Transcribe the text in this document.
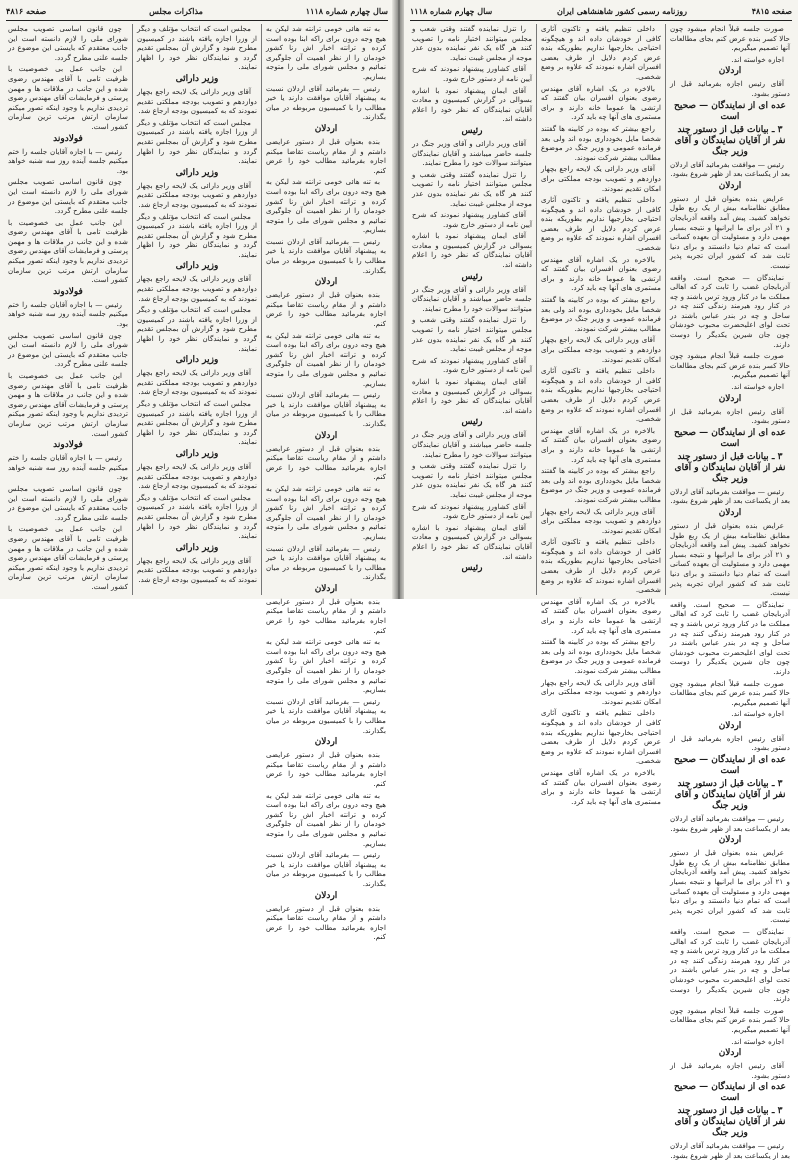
سال چهارم شماره ۱۱۱۸
مذاکرات مجلس
صفحه ۴۸۱۶

به تنه هائی خومی ترانته شد لیکن به هیچ وجه درون برای راکه ابنا بوده است کرده و ترانته اخبار اش رنا کشور خودمان را از نظر اهمیت آن جلوگیری نمائیم و مجلس شورای ملی را متوجه بسازیم.

رئیس — بفرمائید آقای اردلان نسبت به پیشنهاد آقایان موافقت دارند یا خیر مطالب را با کمیسیون مربوطه در میان بگذارند.

اردلان

بنده بعنوان قبل از دستور عرایضی داشتم و از مقام ریاست تقاضا میکنم اجازه بفرمائید مطالب خود را عرض کنم.

به تنه هائی خومی ترانته شد لیکن به هیچ وجه درون برای راکه ابنا بوده است کرده و ترانته اخبار اش رنا کشور خودمان را از نظر اهمیت آن جلوگیری نمائیم و مجلس شورای ملی را متوجه بسازیم.

رئیس — بفرمائید آقای اردلان نسبت به پیشنهاد آقایان موافقت دارند یا خیر مطالب را با کمیسیون مربوطه در میان بگذارند.

اردلان

بنده بعنوان قبل از دستور عرایضی داشتم و از مقام ریاست تقاضا میکنم اجازه بفرمائید مطالب خود را عرض کنم.

به تنه هائی خومی ترانته شد لیکن به هیچ وجه درون برای راکه ابنا بوده است کرده و ترانته اخبار اش رنا کشور خودمان را از نظر اهمیت آن جلوگیری نمائیم و مجلس شورای ملی را متوجه بسازیم.

رئیس — بفرمائید آقای اردلان نسبت به پیشنهاد آقایان موافقت دارند یا خیر مطالب را با کمیسیون مربوطه در میان بگذارند.

اردلان

بنده بعنوان قبل از دستور عرایضی داشتم و از مقام ریاست تقاضا میکنم اجازه بفرمائید مطالب خود را عرض کنم.

به تنه هائی خومی ترانته شد لیکن به هیچ وجه درون برای راکه ابنا بوده است کرده و ترانته اخبار اش رنا کشور خودمان را از نظر اهمیت آن جلوگیری نمائیم و مجلس شورای ملی را متوجه بسازیم.

رئیس — بفرمائید آقای اردلان نسبت به پیشنهاد آقایان موافقت دارند یا خیر مطالب را با کمیسیون مربوطه در میان بگذارند.

اردلان

بنده بعنوان قبل از دستور عرایضی داشتم و از مقام ریاست تقاضا میکنم اجازه بفرمائید مطالب خود را عرض کنم.

به تنه هائی خومی ترانته شد لیکن به هیچ وجه درون برای راکه ابنا بوده است کرده و ترانته اخبار اش رنا کشور خودمان را از نظر اهمیت آن جلوگیری نمائیم و مجلس شورای ملی را متوجه بسازیم.

رئیس — بفرمائید آقای اردلان نسبت به پیشنهاد آقایان موافقت دارند یا خیر مطالب را با کمیسیون مربوطه در میان بگذارند.

اردلان

بنده بعنوان قبل از دستور عرایضی داشتم و از مقام ریاست تقاضا میکنم اجازه بفرمائید مطالب خود را عرض کنم.

به تنه هائی خومی ترانته شد لیکن به هیچ وجه درون برای راکه ابنا بوده است کرده و ترانته اخبار اش رنا کشور خودمان را از نظر اهمیت آن جلوگیری نمائیم و مجلس شورای ملی را متوجه بسازیم.

رئیس — بفرمائید آقای اردلان نسبت به پیشنهاد آقایان موافقت دارند یا خیر مطالب را با کمیسیون مربوطه در میان بگذارند.

اردلان

بنده بعنوان قبل از دستور عرایضی داشتم و از مقام ریاست تقاضا میکنم اجازه بفرمائید مطالب خود را عرض کنم.

مجلس است که انتخاب مؤتلف و دیگر از وزرا اجازه یافته باشند در کمیسیون مطرح شود و گزارش آن بمجلس تقدیم گردد و نمایندگان نظر خود را اظهار نمایند.

وزیر دارائی

آقای وزیر دارائی یک لایحه راجع بچهار دوازدهم و تصویب بودجه مملکتی تقدیم نمودند که به کمیسیون بودجه ارجاع شد.

مجلس است که انتخاب مؤتلف و دیگر از وزرا اجازه یافته باشند در کمیسیون مطرح شود و گزارش آن بمجلس تقدیم گردد و نمایندگان نظر خود را اظهار نمایند.

وزیر دارائی

آقای وزیر دارائی یک لایحه راجع بچهار دوازدهم و تصویب بودجه مملکتی تقدیم نمودند که به کمیسیون بودجه ارجاع شد.

مجلس است که انتخاب مؤتلف و دیگر از وزرا اجازه یافته باشند در کمیسیون مطرح شود و گزارش آن بمجلس تقدیم گردد و نمایندگان نظر خود را اظهار نمایند.

وزیر دارائی

آقای وزیر دارائی یک لایحه راجع بچهار دوازدهم و تصویب بودجه مملکتی تقدیم نمودند که به کمیسیون بودجه ارجاع شد.

مجلس است که انتخاب مؤتلف و دیگر از وزرا اجازه یافته باشند در کمیسیون مطرح شود و گزارش آن بمجلس تقدیم گردد و نمایندگان نظر خود را اظهار نمایند.

وزیر دارائی

آقای وزیر دارائی یک لایحه راجع بچهار دوازدهم و تصویب بودجه مملکتی تقدیم نمودند که به کمیسیون بودجه ارجاع شد.

مجلس است که انتخاب مؤتلف و دیگر از وزرا اجازه یافته باشند در کمیسیون مطرح شود و گزارش آن بمجلس تقدیم گردد و نمایندگان نظر خود را اظهار نمایند.

وزیر دارائی

آقای وزیر دارائی یک لایحه راجع بچهار دوازدهم و تصویب بودجه مملکتی تقدیم نمودند که به کمیسیون بودجه ارجاع شد.

مجلس است که انتخاب مؤتلف و دیگر از وزرا اجازه یافته باشند در کمیسیون مطرح شود و گزارش آن بمجلس تقدیم گردد و نمایندگان نظر خود را اظهار نمایند.

وزیر دارائی

آقای وزیر دارائی یک لایحه راجع بچهار دوازدهم و تصویب بودجه مملکتی تقدیم نمودند که به کمیسیون بودجه ارجاع شد.

چون قانون اساسی تصویب مجلس شورای ملی را لازم دانسته است این جانب معتقدم که بایستی این موضوع در جلسه علنی مطرح گردد.

این جانب عمل بی خصوصیت با ظرفیت تامی با آقای مهندس رضوی شده و این جانب در ملاقات ها و مهمن پرستی و فرمایشات آقای مهندس رضوی تردیدی نداریم با وجود اینکه تصور میکنم سازمان ارتش مرتب ترین سازمان کشور است.

فولادوند

رئیس — با اجازه آقایان جلسه را ختم میکنیم جلسه آینده روز سه شنبه خواهد بود.

چون قانون اساسی تصویب مجلس شورای ملی را لازم دانسته است این جانب معتقدم که بایستی این موضوع در جلسه علنی مطرح گردد.

این جانب عمل بی خصوصیت با ظرفیت تامی با آقای مهندس رضوی شده و این جانب در ملاقات ها و مهمن پرستی و فرمایشات آقای مهندس رضوی تردیدی نداریم با وجود اینکه تصور میکنم سازمان ارتش مرتب ترین سازمان کشور است.

فولادوند

رئیس — با اجازه آقایان جلسه را ختم میکنیم جلسه آینده روز سه شنبه خواهد بود.

چون قانون اساسی تصویب مجلس شورای ملی را لازم دانسته است این جانب معتقدم که بایستی این موضوع در جلسه علنی مطرح گردد.

این جانب عمل بی خصوصیت با ظرفیت تامی با آقای مهندس رضوی شده و این جانب در ملاقات ها و مهمن پرستی و فرمایشات آقای مهندس رضوی تردیدی نداریم با وجود اینکه تصور میکنم سازمان ارتش مرتب ترین سازمان کشور است.

فولادوند

رئیس — با اجازه آقایان جلسه را ختم میکنیم جلسه آینده روز سه شنبه خواهد بود.

چون قانون اساسی تصویب مجلس شورای ملی را لازم دانسته است این جانب معتقدم که بایستی این موضوع در جلسه علنی مطرح گردد.

این جانب عمل بی خصوصیت با ظرفیت تامی با آقای مهندس رضوی شده و این جانب در ملاقات ها و مهمن پرستی و فرمایشات آقای مهندس رضوی تردیدی نداریم با وجود اینکه تصور میکنم سازمان ارتش مرتب ترین سازمان کشور است.

صفحه ۴۸۱۵
روزنامه رسمی کشور شاهنشاهی ایران
سال چهارم شماره ۱۱۱۸

صورت جلسه قبلاً انجام میشود چون حالا کسر بنده عرض کنم بجای مطالعات آنها تصمیم میگیریم.

اجازه خواسته اند.

اردلان

آقای رئیس اجازه بفرمائید قبل از دستور بشود.

عده ای از نمایندگان — صحیح است
۳ ـ بیانات قبل از دستور چند نفر از آقایان نمایندگان و آقای وزیر جنگ

رئیس — موافقت بفرمائید آقای اردلان بعد از یکساعت بعد از ظهر شروع بشود.

اردلان

عرایض بنده بعنوان قبل از دستور مطابق نظامنامه بیش از یک ربع طول نخواهد کشید. پیش آمد واقعه آذربایجان و ۲۱ آذر برای ما ایرانیها و نتیجه بسیار مهمی دارد و مسئولیت آن بعهده کسانی است که تمام دنیا دانستند و برای دنیا ثابت شد که کشور ایران تجربه پذیر نیست.

نمایندگان — صحیح است. واقعه آذربایجان غضب را ثابت کرد که اهالی مملکت ما در کنار ورود ترس باشند و چه در کنار رود هیرمند زندگی کنند چه در ساحل و چه در بندر عباس باشند در تحت لوای اعلیحضرت محبوب خودشان چون جان شیرین یکدیگر را دوست دارند.

صورت جلسه قبلاً انجام میشود چون حالا کسر بنده عرض کنم بجای مطالعات آنها تصمیم میگیریم.

اجازه خواسته اند.

اردلان

آقای رئیس اجازه بفرمائید قبل از دستور بشود.

عده ای از نمایندگان — صحیح است
۳ ـ بیانات قبل از دستور چند نفر از آقایان نمایندگان و آقای وزیر جنگ

رئیس — موافقت بفرمائید آقای اردلان بعد از یکساعت بعد از ظهر شروع بشود.

اردلان

عرایض بنده بعنوان قبل از دستور مطابق نظامنامه بیش از یک ربع طول نخواهد کشید. پیش آمد واقعه آذربایجان و ۲۱ آذر برای ما ایرانیها و نتیجه بسیار مهمی دارد و مسئولیت آن بعهده کسانی است که تمام دنیا دانستند و برای دنیا ثابت شد که کشور ایران تجربه پذیر نیست.

نمایندگان — صحیح است. واقعه آذربایجان غضب را ثابت کرد که اهالی مملکت ما در کنار ورود ترس باشند و چه در کنار رود هیرمند زندگی کنند چه در ساحل و چه در بندر عباس باشند در تحت لوای اعلیحضرت محبوب خودشان چون جان شیرین یکدیگر را دوست دارند.

صورت جلسه قبلاً انجام میشود چون حالا کسر بنده عرض کنم بجای مطالعات آنها تصمیم میگیریم.

اجازه خواسته اند.

اردلان

آقای رئیس اجازه بفرمائید قبل از دستور بشود.

عده ای از نمایندگان — صحیح است
۳ ـ بیانات قبل از دستور چند نفر از آقایان نمایندگان و آقای وزیر جنگ

رئیس — موافقت بفرمائید آقای اردلان بعد از یکساعت بعد از ظهر شروع بشود.

اردلان

عرایض بنده بعنوان قبل از دستور مطابق نظامنامه بیش از یک ربع طول نخواهد کشید. پیش آمد واقعه آذربایجان و ۲۱ آذر برای ما ایرانیها و نتیجه بسیار مهمی دارد و مسئولیت آن بعهده کسانی است که تمام دنیا دانستند و برای دنیا ثابت شد که کشور ایران تجربه پذیر نیست.

نمایندگان — صحیح است. واقعه آذربایجان غضب را ثابت کرد که اهالی مملکت ما در کنار ورود ترس باشند و چه در کنار رود هیرمند زندگی کنند چه در ساحل و چه در بندر عباس باشند در تحت لوای اعلیحضرت محبوب خودشان چون جان شیرین یکدیگر را دوست دارند.

صورت جلسه قبلاً انجام میشود چون حالا کسر بنده عرض کنم بجای مطالعات آنها تصمیم میگیریم.

اجازه خواسته اند.

اردلان

آقای رئیس اجازه بفرمائید قبل از دستور بشود.

عده ای از نمایندگان — صحیح است
۳ ـ بیانات قبل از دستور چند نفر از آقایان نمایندگان و آقای وزیر جنگ

رئیس — موافقت بفرمائید آقای اردلان بعد از یکساعت بعد از ظهر شروع بشود.

داخلی تنظیم یافته و تاکنون آثاری کافی از خودشان داده اند و هیچگونه احتیاجی بخارجیها نداریم بطوریکه بنده عرض کردم دلایل از طرف بعضی افسران اشاره نمودند که علاوه بر وضع شخصی.

بالاخره در یک اشاره آقای مهندس رضوی بعنوان افسران بیان گفتند که ارتشی ها عموما خانه دارند و برای مستمری های آنها چه باید کرد.

راجع بیشتر که بوده در کابینه ها گفتند شخصا مایل بخودداری بوده اند ولی بعد فرمانده عمومی و وزیر جنگ در موضوع مطالب بیشتر شرکت نمودند.

آقای وزیر دارائی یک لایحه راجع بچهار دوازدهم و تصویب بودجه مملکتی برای امکان تقدیم نمودند.

داخلی تنظیم یافته و تاکنون آثاری کافی از خودشان داده اند و هیچگونه احتیاجی بخارجیها نداریم بطوریکه بنده عرض کردم دلایل از طرف بعضی افسران اشاره نمودند که علاوه بر وضع شخصی.

بالاخره در یک اشاره آقای مهندس رضوی بعنوان افسران بیان گفتند که ارتشی ها عموما خانه دارند و برای مستمری های آنها چه باید کرد.

راجع بیشتر که بوده در کابینه ها گفتند شخصا مایل بخودداری بوده اند ولی بعد فرمانده عمومی و وزیر جنگ در موضوع مطالب بیشتر شرکت نمودند.

آقای وزیر دارائی یک لایحه راجع بچهار دوازدهم و تصویب بودجه مملکتی برای امکان تقدیم نمودند.

داخلی تنظیم یافته و تاکنون آثاری کافی از خودشان داده اند و هیچگونه احتیاجی بخارجیها نداریم بطوریکه بنده عرض کردم دلایل از طرف بعضی افسران اشاره نمودند که علاوه بر وضع شخصی.

بالاخره در یک اشاره آقای مهندس رضوی بعنوان افسران بیان گفتند که ارتشی ها عموما خانه دارند و برای مستمری های آنها چه باید کرد.

راجع بیشتر که بوده در کابینه ها گفتند شخصا مایل بخودداری بوده اند ولی بعد فرمانده عمومی و وزیر جنگ در موضوع مطالب بیشتر شرکت نمودند.

آقای وزیر دارائی یک لایحه راجع بچهار دوازدهم و تصویب بودجه مملکتی برای امکان تقدیم نمودند.

داخلی تنظیم یافته و تاکنون آثاری کافی از خودشان داده اند و هیچگونه احتیاجی بخارجیها نداریم بطوریکه بنده عرض کردم دلایل از طرف بعضی افسران اشاره نمودند که علاوه بر وضع شخصی.

بالاخره در یک اشاره آقای مهندس رضوی بعنوان افسران بیان گفتند که ارتشی ها عموما خانه دارند و برای مستمری های آنها چه باید کرد.

راجع بیشتر که بوده در کابینه ها گفتند شخصا مایل بخودداری بوده اند ولی بعد فرمانده عمومی و وزیر جنگ در موضوع مطالب بیشتر شرکت نمودند.

آقای وزیر دارائی یک لایحه راجع بچهار دوازدهم و تصویب بودجه مملکتی برای امکان تقدیم نمودند.

داخلی تنظیم یافته و تاکنون آثاری کافی از خودشان داده اند و هیچگونه احتیاجی بخارجیها نداریم بطوریکه بنده عرض کردم دلایل از طرف بعضی افسران اشاره نمودند که علاوه بر وضع شخصی.

بالاخره در یک اشاره آقای مهندس رضوی بعنوان افسران بیان گفتند که ارتشی ها عموما خانه دارند و برای مستمری های آنها چه باید کرد.

را تنزل نماینده گفتند وقتی شعب و مجلس میتوانند اختیار نامه را تصویب کنند هر گاه یک نفر نماینده بدون عذر موجه از مجلس غیبت نماید.

آقای کشاورز پیشنهاد نمودند که شرح آیین نامه از دستور خارج شود.

آقای ایمان پیشنهاد نمود با اشاره بسوالی در گزارش کمیسیون و معادت آقایان نمایندگان که نظر خود را اعلام داشته اند.

رئیس

آقای وزیر دارائی و آقای وزیر جنگ در جلسه حاضر میباشند و آقایان نمایندگان میتوانند سوالات خود را مطرح نمایند.

را تنزل نماینده گفتند وقتی شعب و مجلس میتوانند اختیار نامه را تصویب کنند هر گاه یک نفر نماینده بدون عذر موجه از مجلس غیبت نماید.

آقای کشاورز پیشنهاد نمودند که شرح آیین نامه از دستور خارج شود.

آقای ایمان پیشنهاد نمود با اشاره بسوالی در گزارش کمیسیون و معادت آقایان نمایندگان که نظر خود را اعلام داشته اند.

رئیس

آقای وزیر دارائی و آقای وزیر جنگ در جلسه حاضر میباشند و آقایان نمایندگان میتوانند سوالات خود را مطرح نمایند.

را تنزل نماینده گفتند وقتی شعب و مجلس میتوانند اختیار نامه را تصویب کنند هر گاه یک نفر نماینده بدون عذر موجه از مجلس غیبت نماید.

آقای کشاورز پیشنهاد نمودند که شرح آیین نامه از دستور خارج شود.

آقای ایمان پیشنهاد نمود با اشاره بسوالی در گزارش کمیسیون و معادت آقایان نمایندگان که نظر خود را اعلام داشته اند.

رئیس

آقای وزیر دارائی و آقای وزیر جنگ در جلسه حاضر میباشند و آقایان نمایندگان میتوانند سوالات خود را مطرح نمایند.

را تنزل نماینده گفتند وقتی شعب و مجلس میتوانند اختیار نامه را تصویب کنند هر گاه یک نفر نماینده بدون عذر موجه از مجلس غیبت نماید.

آقای کشاورز پیشنهاد نمودند که شرح آیین نامه از دستور خارج شود.

آقای ایمان پیشنهاد نمود با اشاره بسوالی در گزارش کمیسیون و معادت آقایان نمایندگان که نظر خود را اعلام داشته اند.

رئیس
